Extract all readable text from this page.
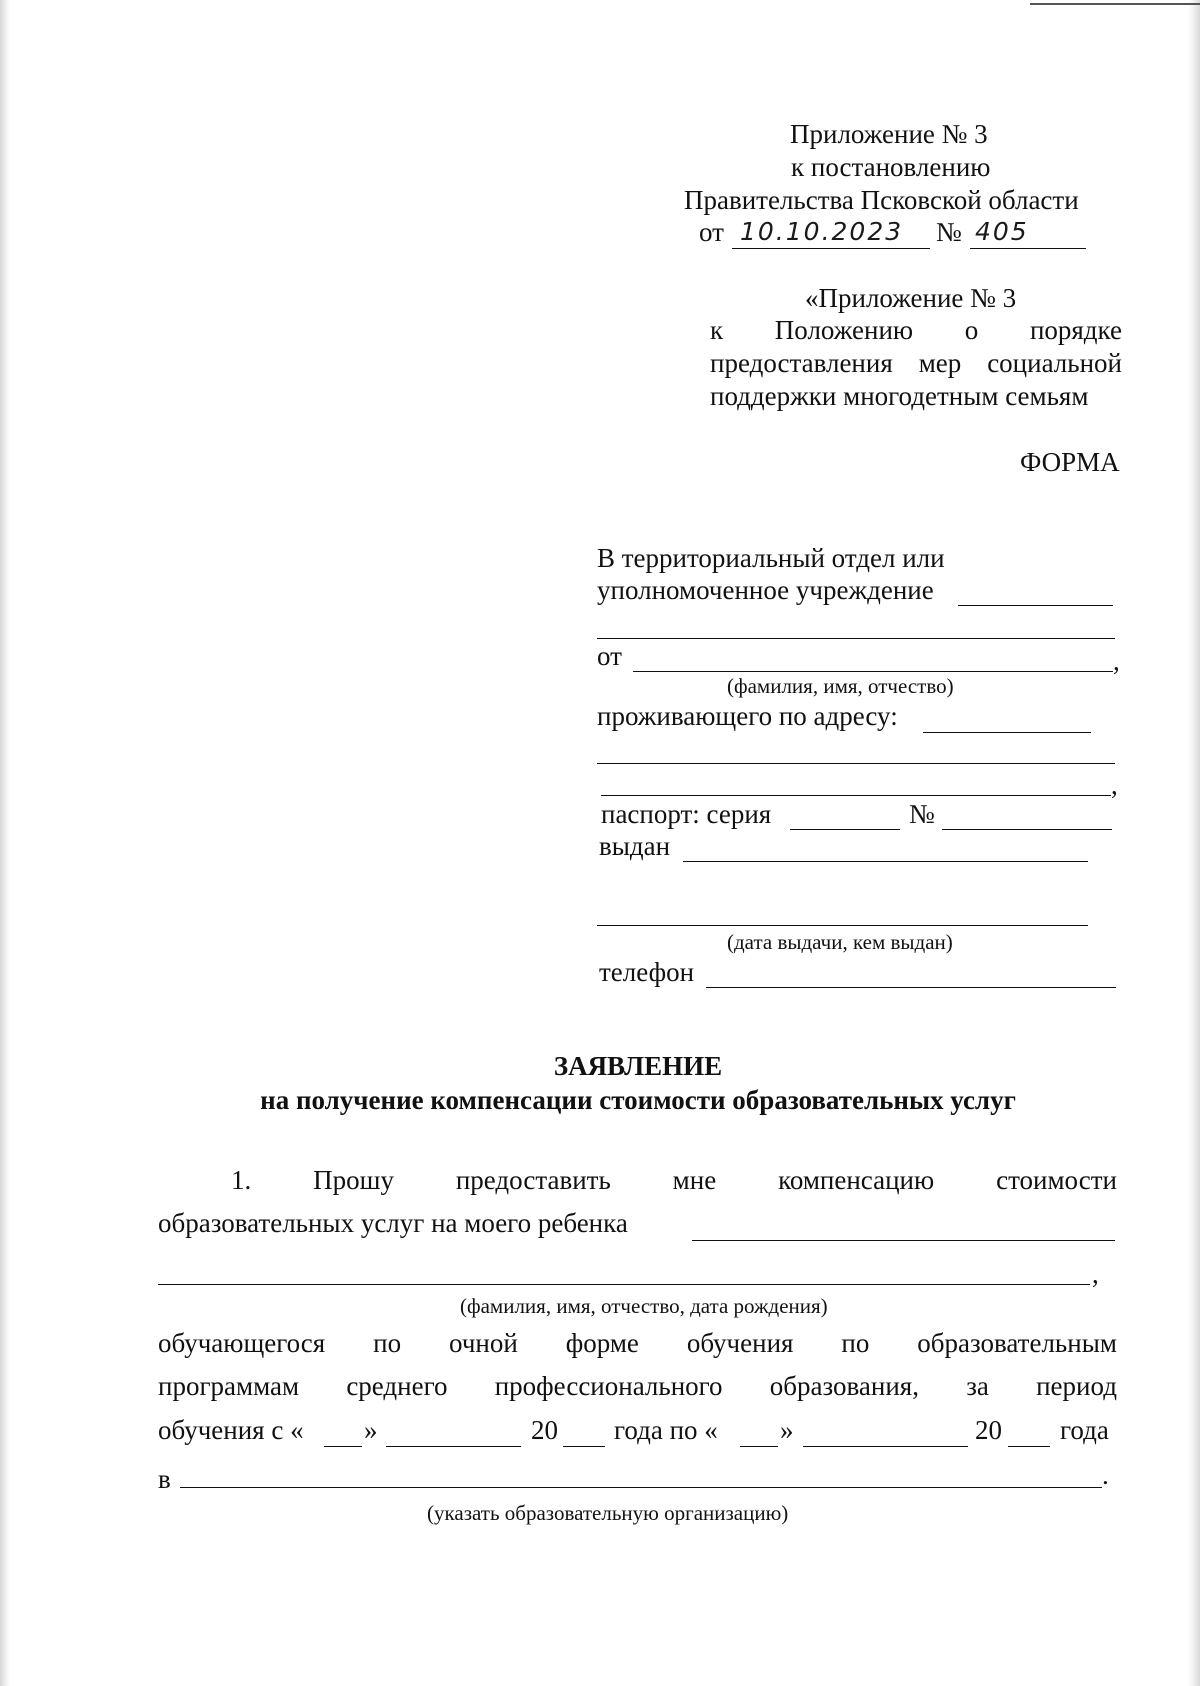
Приложение № 3
к постановлению
Правительства Псковской области
от 10.10.2023 № 405
«Приложение № 3
к Положению о порядке
предоставления мер социальной
поддержки многодетным семьям
ФОРМА
В территориальный отдел или
уполномоченное учреждение
от	,
(фамилия, имя, отчество)
проживающего по адресу:
,
паспорт: серия	№
выдан
(дата выдачи, кем выдан)
телефон
ЗАЯВЛЕНИЕ
на получение компенсации стоимости образовательных услуг
1. Прошу предоставить мне компенсацию стоимости
образовательных услуг на моего ребенка
,
(фамилия, имя, отчество, дата рождения)
обучающегося по очной форме обучения по образовательным
программам среднего профессионального образования, за период
обучения с « »	20 года по « »	20 года
в	.
(указать образовательную организацию)
